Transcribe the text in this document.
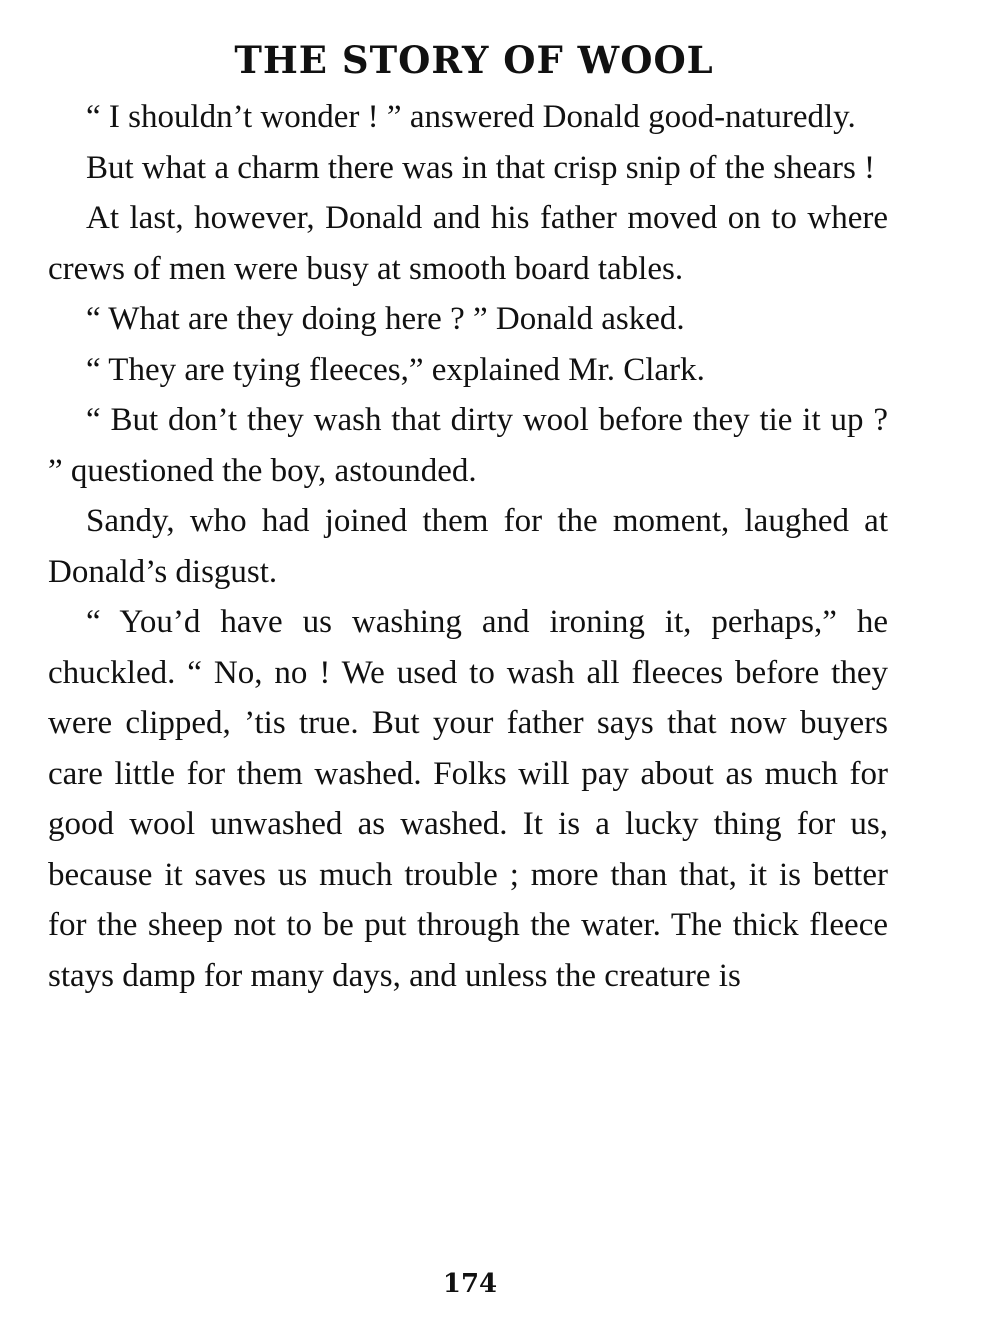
THE STORY OF WOOL

“ I shouldn’t wonder ! ” answered Donald good-naturedly.

But what a charm there was in that crisp snip of the shears !

At last, however, Donald and his father moved on to where crews of men were busy at smooth board tables.

“ What are they doing here ? ” Donald asked.

“ They are tying fleeces,” explained Mr. Clark.

“ But don’t they wash that dirty wool before they tie it up ? ” questioned the boy, astounded.

Sandy, who had joined them for the moment, laughed at Donald’s disgust.

“ You’d have us washing and ironing it, perhaps,” he chuckled. “ No, no ! We used to wash all fleeces before they were clipped, ’tis true. But your father says that now buyers care little for them washed. Folks will pay about as much for good wool unwashed as washed. It is a lucky thing for us, because it saves us much trouble ; more than that, it is better for the sheep not to be put through the water. The thick fleece stays damp for many days, and unless the creature is

174
